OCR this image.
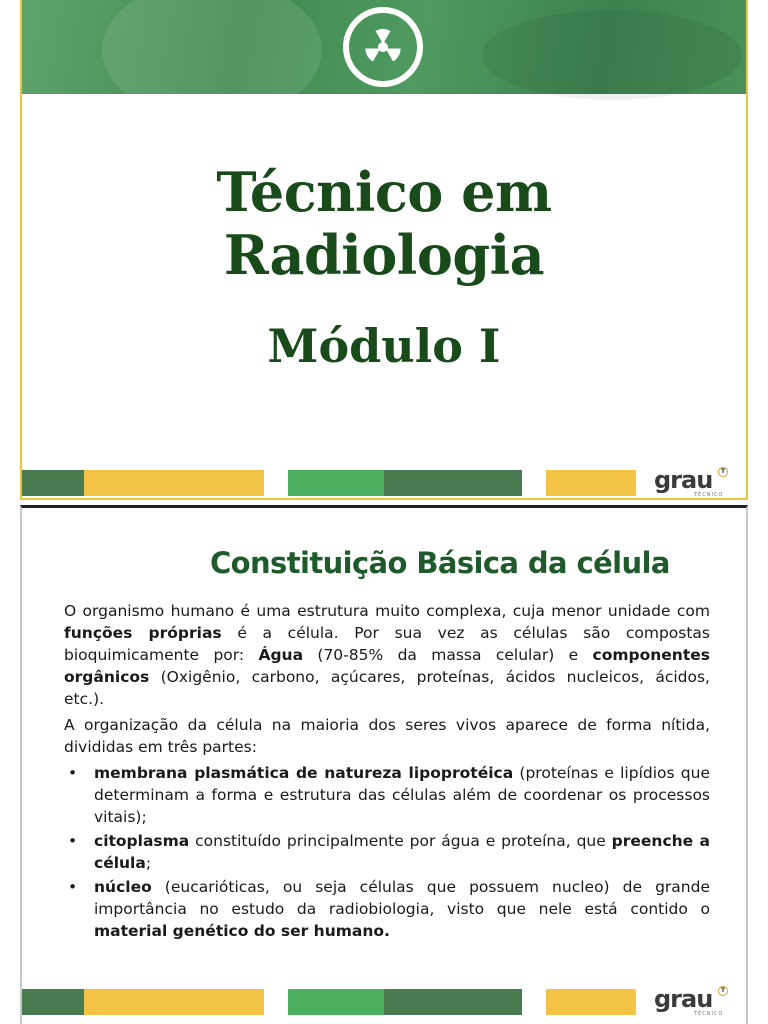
Técnico em
Radiologia
Módulo I
grau	T
TÉCNICO
Constituição Básica da célula

O organismo humano é uma estrutura muito complexa, cuja menor unidade com funções próprias é a célula. Por sua vez as células são compostas bioquimicamente por: Água (70-85% da massa celular) e componentes orgânicos (Oxigênio, carbono, açúcares, proteínas, ácidos nucleicos, ácidos, etc.).

A organização da célula na maioria dos seres vivos aparece de forma nítida, divididas em três partes:

• membrana plasmática de natureza lipoprotéica (proteínas e lipídios que determinam a forma e estrutura das células além de coordenar os processos vitais);
• citoplasma constituído principalmente por água e proteína, que preenche a célula;
• núcleo (eucarióticas, ou seja células que possuem nucleo) de grande importância no estudo da radiobiologia, visto que nele está contido o material genético do ser humano.
grau	T
TÉCNICO
